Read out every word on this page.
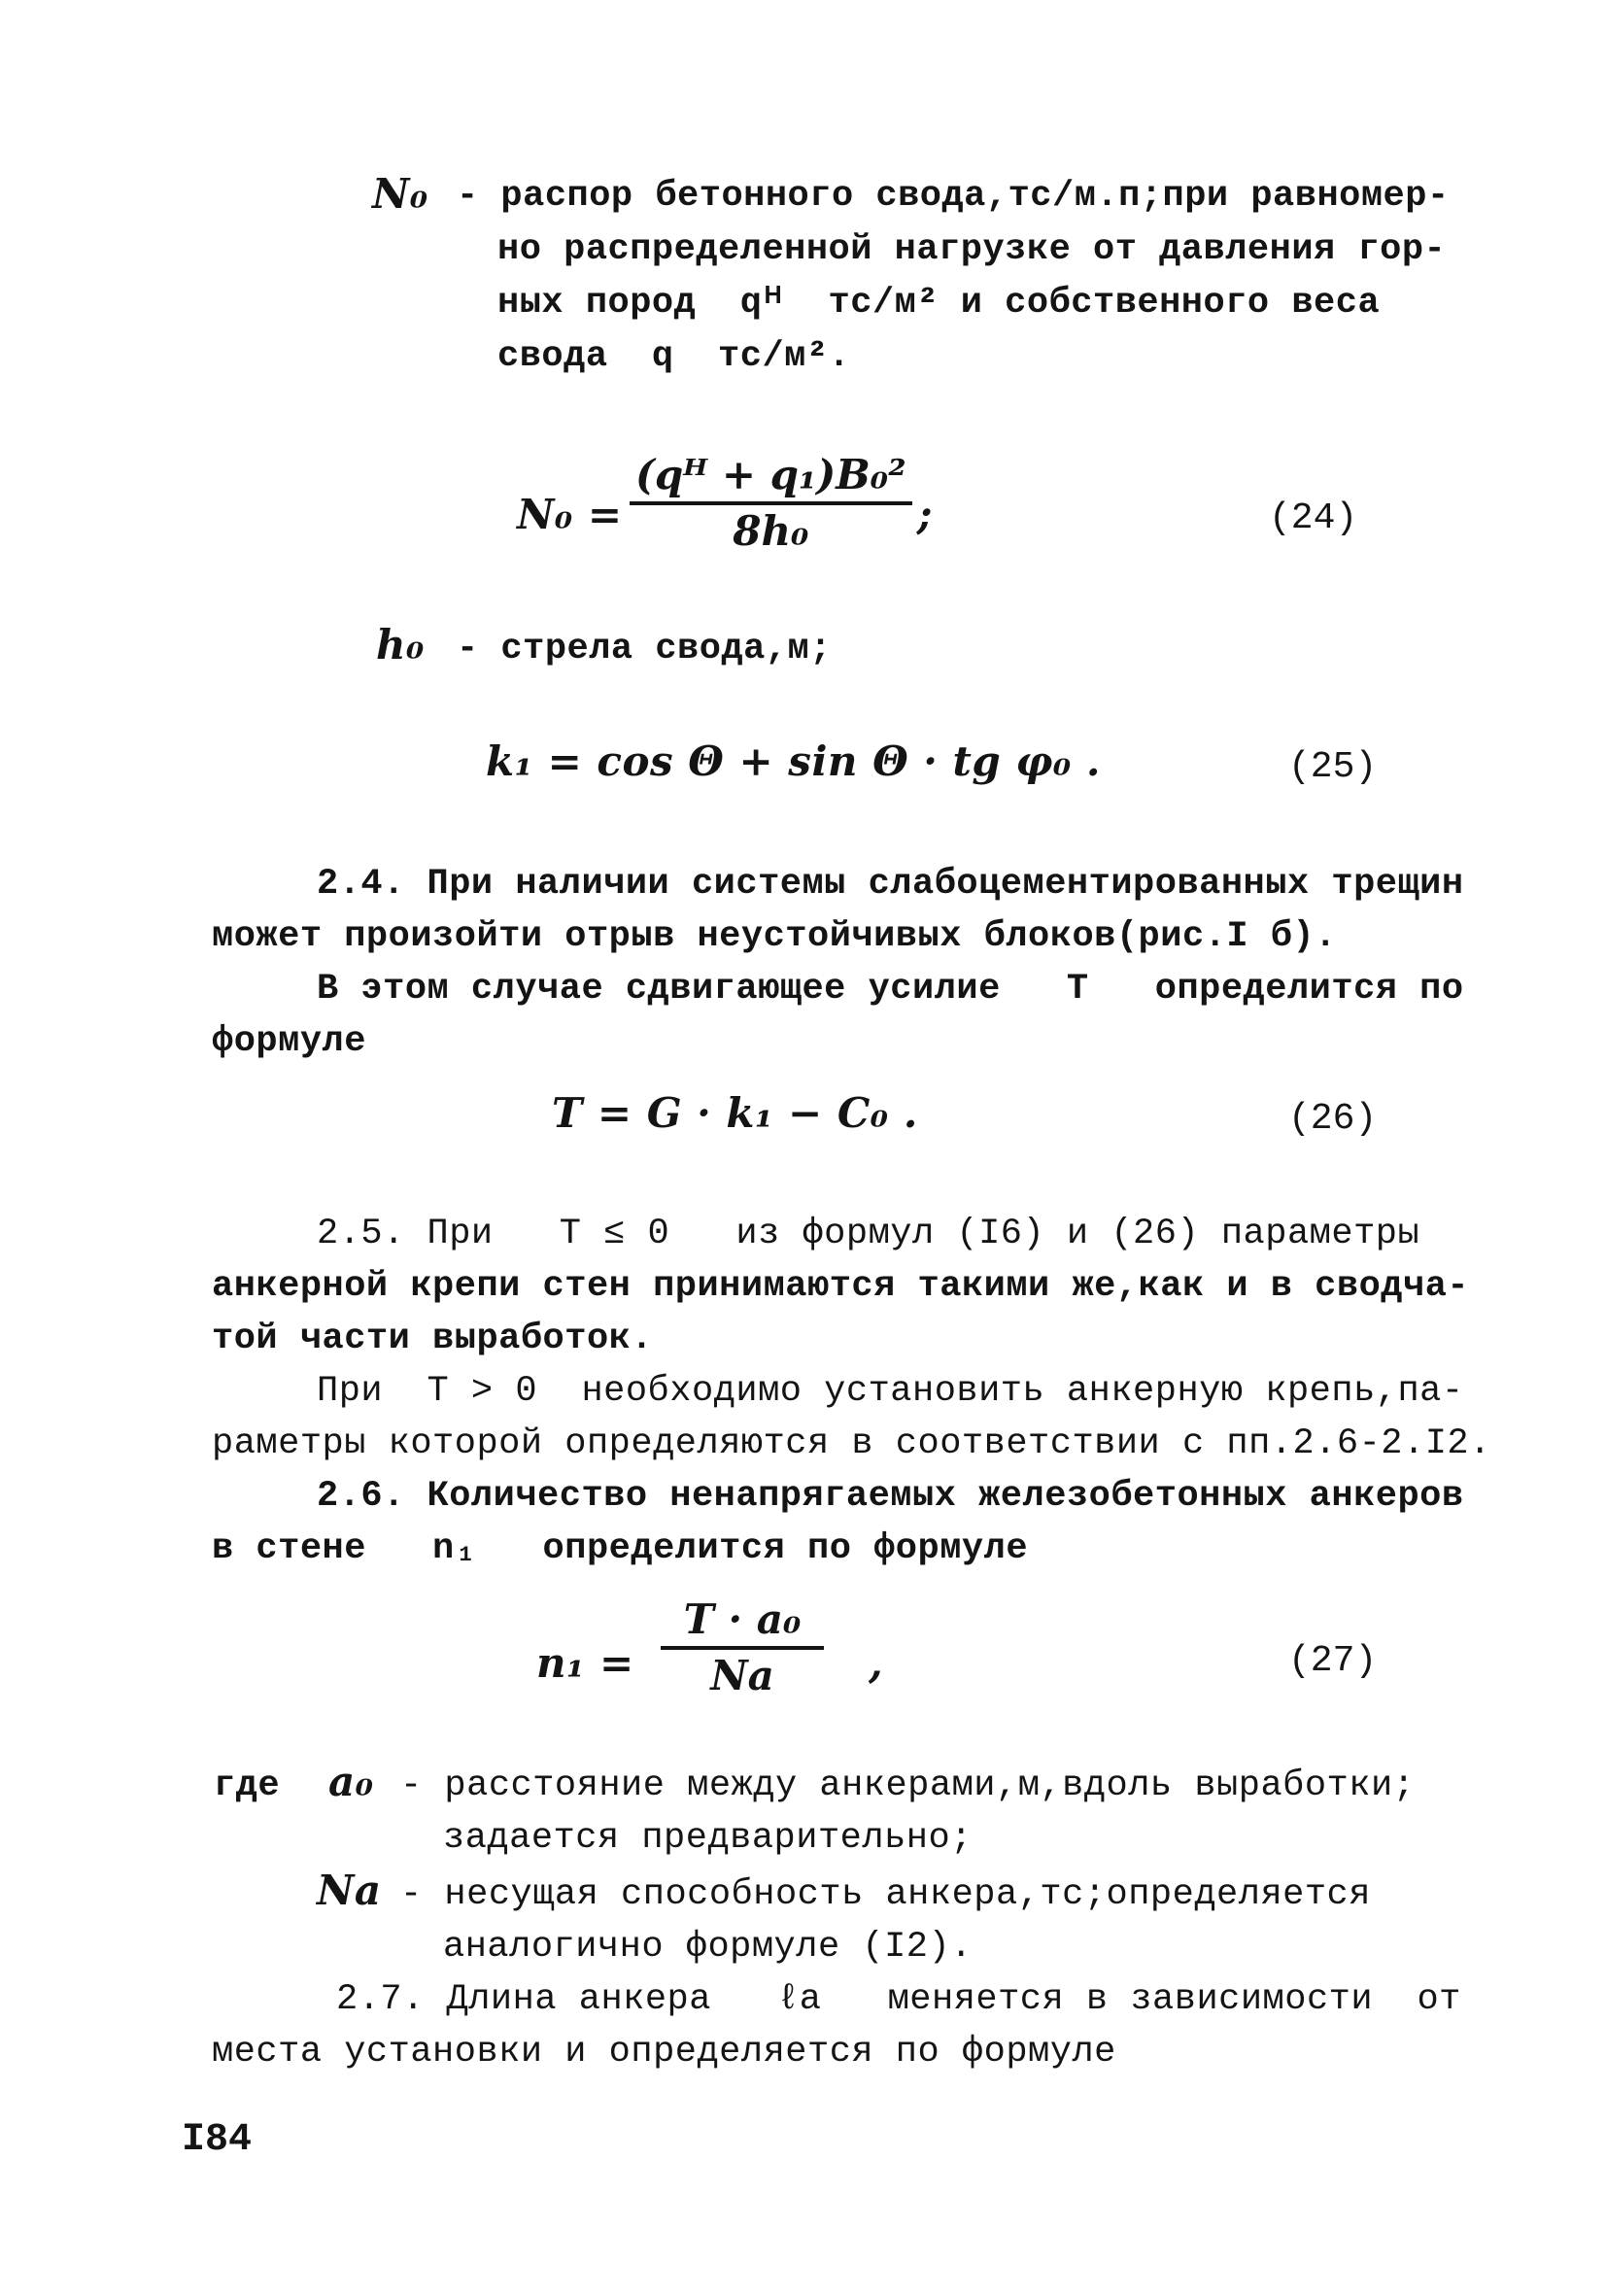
N₀ - распор бетонного свода,тс/м.п;при равномер-
но распределенной нагрузке от давления гор-
ных пород  qᴴ  тс/м² и собственного веса
свода  q  тс/м².
$N_0 = \frac{\text{(qᴴ + q₁)B₀²}}{\text{8h₀}}$ ;	(24)
h₀ - стрела свода,м;
k₁ = cos Θ + sin Θ · tg φ₀ .	(25)
2.4. При наличии системы слабоцементированных трещин
может произойти отрыв неустойчивых блоков(рис.I б).
В этом случае сдвигающее усилие   T   определится по
формуле
T = G · k₁ − C₀ .	(26)
2.5. При   T ≤ 0   из формул (I6) и (26) параметры
анкерной крепи стен принимаются такими же,как и в сводча-
той части выработок.
При  T > 0  необходимо установить анкерную крепь,па-
раметры которой определяются в соответствии с пп.2.6-2.I2.
2.6. Количество ненапрягаемых железобетонных анкеров
в стене   n₁   определится по формуле
$n_1 = \frac{\text{T · a₀}}{Na}$ ,	(27)
где a₀ - расстояние между анкерами,м,вдоль выработки;
задается предварительно;
Na - несущая способность анкера,тс;определяется
аналогично формуле (I2).
2.7. Длина анкера   ℓa   меняется в зависимости  от
места установки и определяется по формуле
I84
